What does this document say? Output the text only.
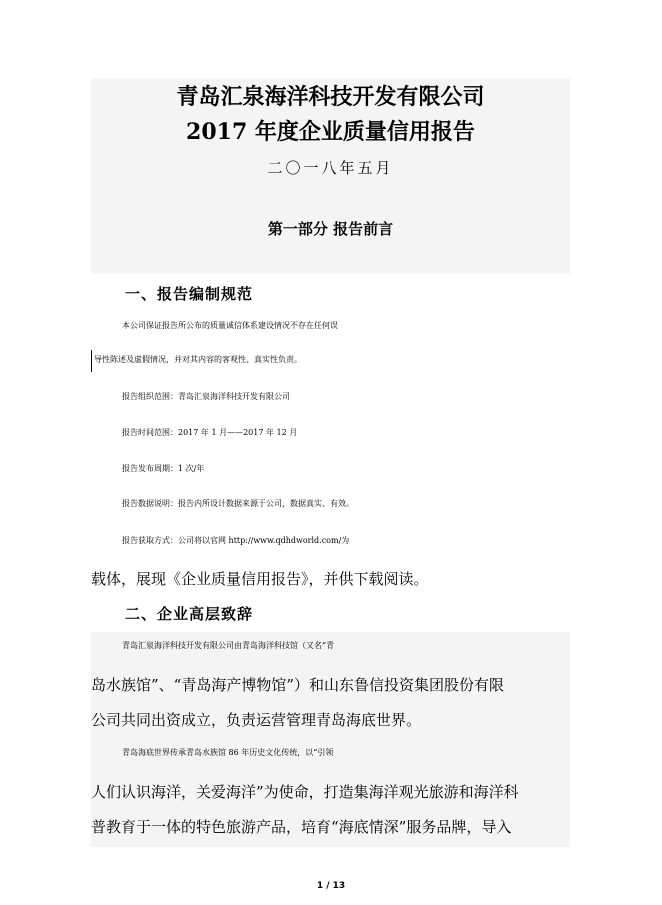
青岛汇泉海洋科技开发有限公司
2017 年度企业质量信用报告
二〇一八年五月
第一部分 报告前言
一、报告编制规范
本公司保证报告所公布的质量诚信体系建设情况不存在任何误
导性陈述及虚假情况，并对其内容的客观性、真实性负责。
报告组织范围：青岛汇泉海洋科技开发有限公司
报告时间范围：2017 年 1 月——2017 年 12 月
报告发布周期：1 次/年
报告数据说明：报告内所设计数据来源于公司，数据真实、有效。
报告获取方式：公司将以官网 http://www.qdhdworld.com/为
载体，展现《企业质量信用报告》，并供下载阅读。
二、企业高层致辞
青岛汇泉海洋科技开发有限公司由青岛海洋科技馆（又名“青
岛水族馆”、“青岛海产博物馆”）和山东鲁信投资集团股份有限
公司共同出资成立，负责运营管理青岛海底世界。
青岛海底世界传承青岛水族馆 86 年历史文化传统，以“引领
人们认识海洋，关爱海洋”为使命，打造集海洋观光旅游和海洋科
普教育于一体的特色旅游产品，培育“海底情深”服务品牌，导入
1 / 13
